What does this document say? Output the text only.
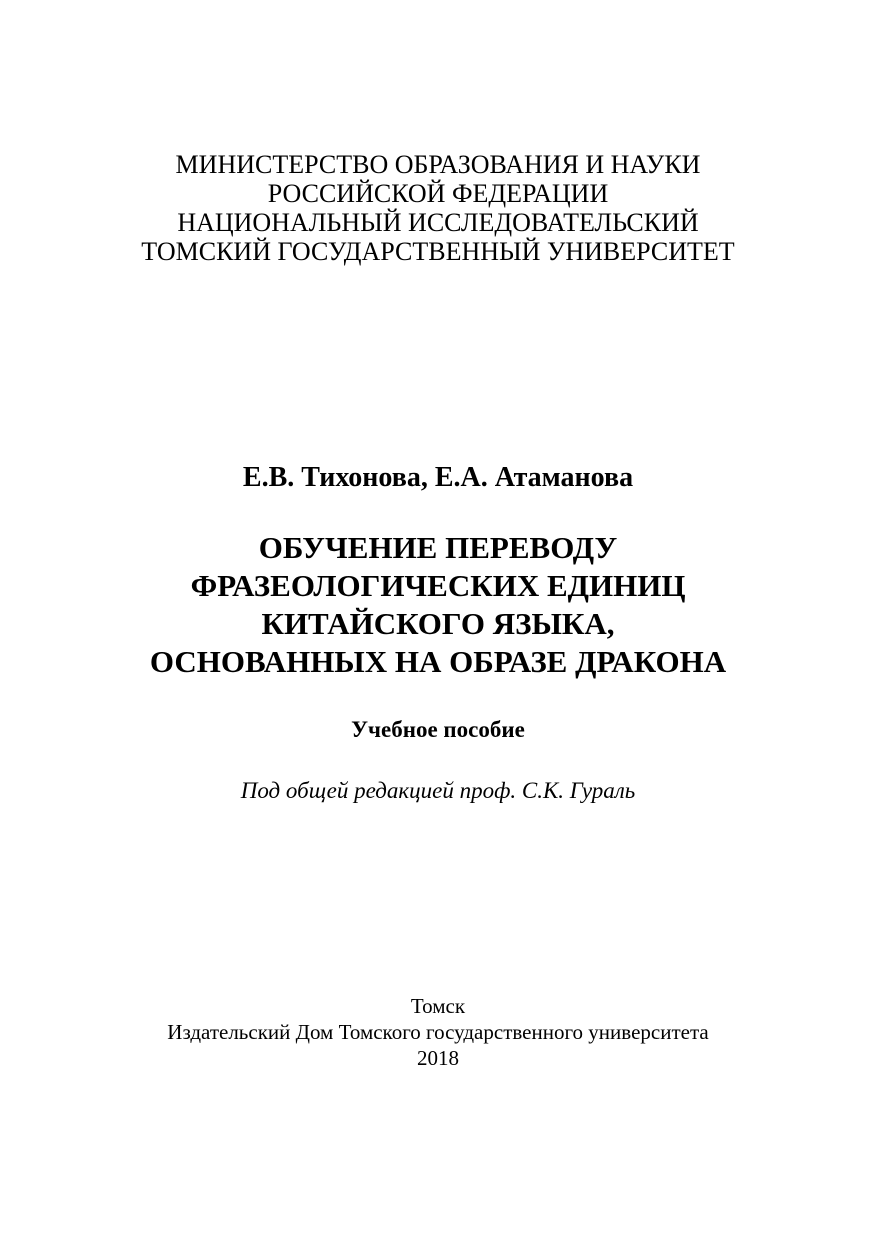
МИНИСТЕРСТВО ОБРАЗОВАНИЯ И НАУКИ
РОССИЙСКОЙ ФЕДЕРАЦИИ
НАЦИОНАЛЬНЫЙ ИССЛЕДОВАТЕЛЬСКИЙ
ТОМСКИЙ ГОСУДАРСТВЕННЫЙ УНИВЕРСИТЕТ
Е.В. Тихонова, Е.А. Атаманова
ОБУЧЕНИЕ ПЕРЕВОДУ
ФРАЗЕОЛОГИЧЕСКИХ ЕДИНИЦ
КИТАЙСКОГО ЯЗЫКА,
ОСНОВАННЫХ НА ОБРАЗЕ ДРАКОНА
Учебное пособие
Под общей редакцией проф. С.К. Гураль
Томск
Издательский Дом Томского государственного университета
2018
